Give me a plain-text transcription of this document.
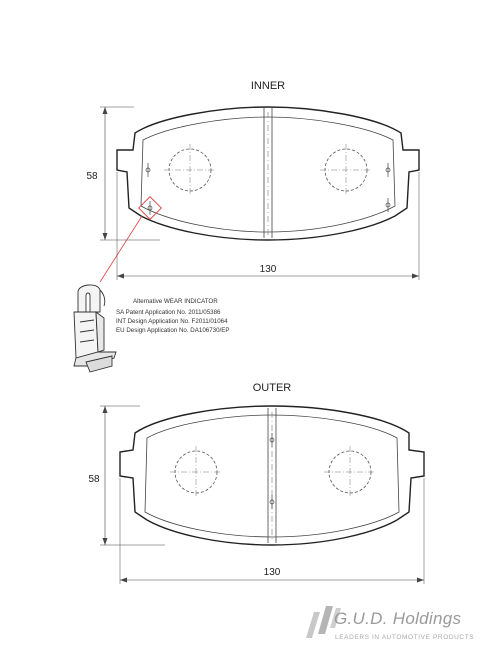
INNER
58
130
Alternative WEAR INDICATOR
SA Patent Application No. 2011/05386
INT Design Application No. F2011/01064
EU Design Application No. DA106730/EP
OUTER
58
130
G.U.D. Holdings
LEADERS IN AUTOMOTIVE PRODUCTS
